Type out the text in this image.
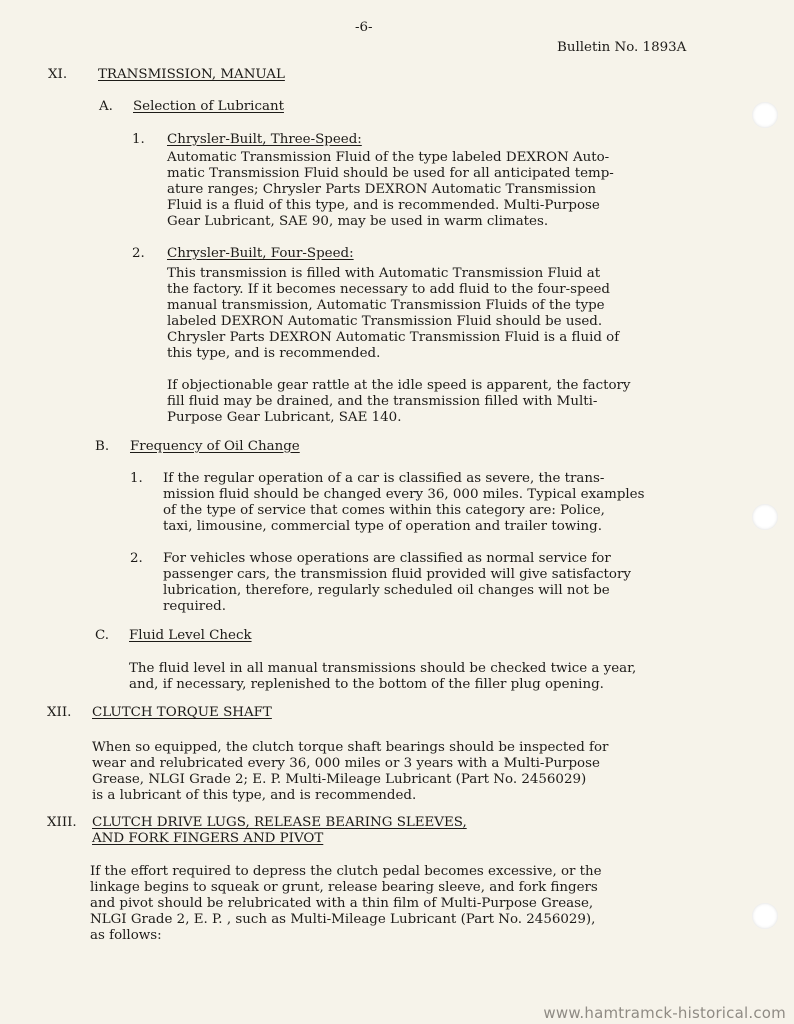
-6-
Bulletin No. 1893A
XI. TRANSMISSION, MANUAL
A. Selection of Lubricant
1. Chrysler-Built, Three-Speed:
Automatic Transmission Fluid of the type labeled DEXRON Auto-
matic Transmission Fluid should be used for all anticipated temp-
ature ranges; Chrysler Parts DEXRON Automatic Transmission
Fluid is a fluid of this type, and is recommended. Multi-Purpose
Gear Lubricant, SAE 90, may be used in warm climates.
2. Chrysler-Built, Four-Speed:
This transmission is filled with Automatic Transmission Fluid at
the factory. If it becomes necessary to add fluid to the four-speed
manual transmission, Automatic Transmission Fluids of the type
labeled DEXRON Automatic Transmission Fluid should be used.
Chrysler Parts DEXRON Automatic Transmission Fluid is a fluid of
this type, and is recommended.
If objectionable gear rattle at the idle speed is apparent, the factory
fill fluid may be drained, and the transmission filled with Multi-
Purpose Gear Lubricant, SAE 140.
B. Frequency of Oil Change
1. If the regular operation of a car is classified as severe, the trans-
mission fluid should be changed every 36, 000 miles. Typical examples
of the type of service that comes within this category are: Police,
taxi, limousine, commercial type of operation and trailer towing.
2. For vehicles whose operations are classified as normal service for
passenger cars, the transmission fluid provided will give satisfactory
lubrication, therefore, regularly scheduled oil changes will not be
required.
C. Fluid Level Check
The fluid level in all manual transmissions should be checked twice a year,
and, if necessary, replenished to the bottom of the filler plug opening.
XII. CLUTCH TORQUE SHAFT
When so equipped, the clutch torque shaft bearings should be inspected for
wear and relubricated every 36, 000 miles or 3 years with a Multi-Purpose
Grease, NLGI Grade 2; E. P. Multi-Mileage Lubricant (Part No. 2456029)
is a lubricant of this type, and is recommended.
XIII. CLUTCH DRIVE LUGS, RELEASE BEARING SLEEVES,
AND FORK FINGERS AND PIVOT
If the effort required to depress the clutch pedal becomes excessive, or the
linkage begins to squeak or grunt, release bearing sleeve, and fork fingers
and pivot should be relubricated with a thin film of Multi-Purpose Grease,
NLGI Grade 2, E. P. , such as Multi-Mileage Lubricant (Part No. 2456029),
as follows:
www.hamtramck-historical.com
